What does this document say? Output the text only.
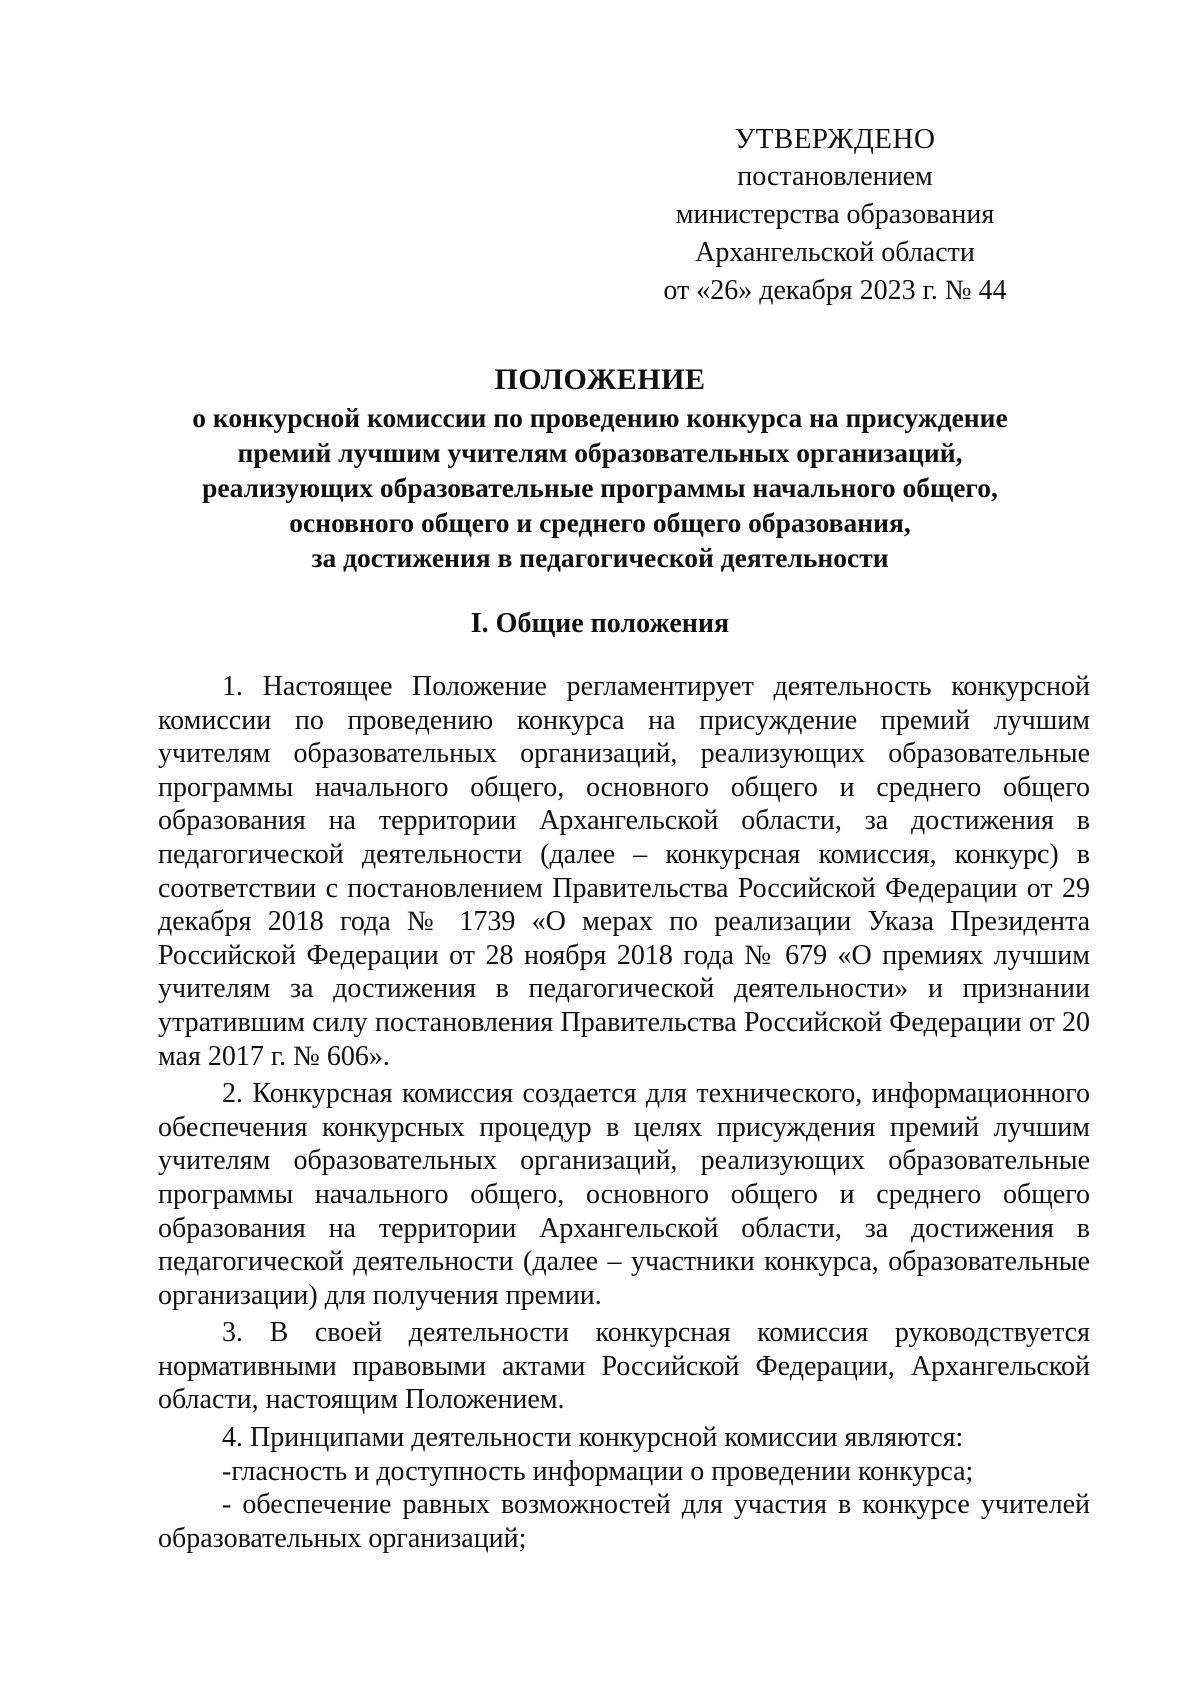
УТВЕРЖДЕНО
постановлением
министерства образования
Архангельской области
от «26» декабря 2023 г. № 44
ПОЛОЖЕНИЕ
о конкурсной комиссии по проведению конкурса на присуждение
премий лучшим учителям образовательных организаций,
реализующих образовательные программы начального общего,
основного общего и среднего общего образования,
за достижения в педагогической деятельности
I. Общие положения

1. Настоящее Положение регламентирует деятельность конкурсной комиссии по проведению конкурса на присуждение премий лучшим учителям образовательных организаций, реализующих образовательные программы начального общего, основного общего и среднего общего образования на территории Архангельской области, за достижения в педагогической деятельности (далее – конкурсная комиссия, конкурс) в соответствии с постановлением Правительства Российской Федерации от 29 декабря 2018 года № 1739 «О мерах по реализации Указа Президента Российской Федерации от 28 ноября 2018 года № 679 «О премиях лучшим учителям за достижения в педагогической деятельности» и признании утратившим силу постановления Правительства Российской Федерации от 20 мая 2017 г. № 606».

2. Конкурсная комиссия создается для технического, информационного обеспечения конкурсных процедур в целях присуждения премий лучшим учителям образовательных организаций, реализующих образовательные программы начального общего, основного общего и среднего общего образования на территории Архангельской области, за достижения в педагогической деятельности (далее – участники конкурса, образовательные организации) для получения премии.

3. В своей деятельности конкурсная комиссия руководствуется нормативными правовыми актами Российской Федерации, Архангельской области, настоящим Положением.

4. Принципами деятельности конкурсной комиссии являются:

-гласность и доступность информации о проведении конкурса;

- обеспечение равных возможностей для участия в конкурсе учителей образовательных организаций;
